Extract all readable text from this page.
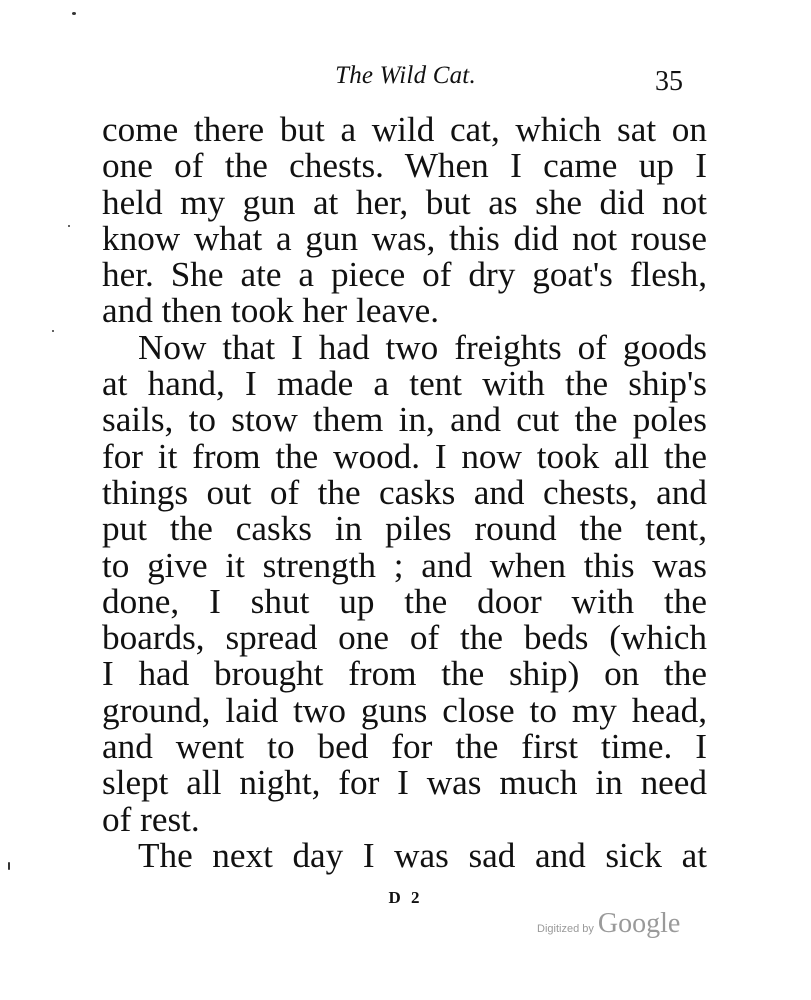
The Wild Cat.	35
come there but a wild cat, which sat on
one of the chests. When I came up I
held my gun at her, but as she did not
know what a gun was, this did not rouse
her. She ate a piece of dry goat's flesh,
and then took her leave.
Now that I had two freights of goods
at hand, I made a tent with the ship's
sails, to stow them in, and cut the poles
for it from the wood. I now took all the
things out of the casks and chests, and
put the casks in piles round the tent,
to give it strength ; and when this was
done, I shut up the door with the
boards, spread one of the beds (which
I had brought from the ship) on the
ground, laid two guns close to my head,
and went to bed for the first time. I
slept all night, for I was much in need
of rest.
The next day I was sad and sick at
D 2
Digitized by Google
